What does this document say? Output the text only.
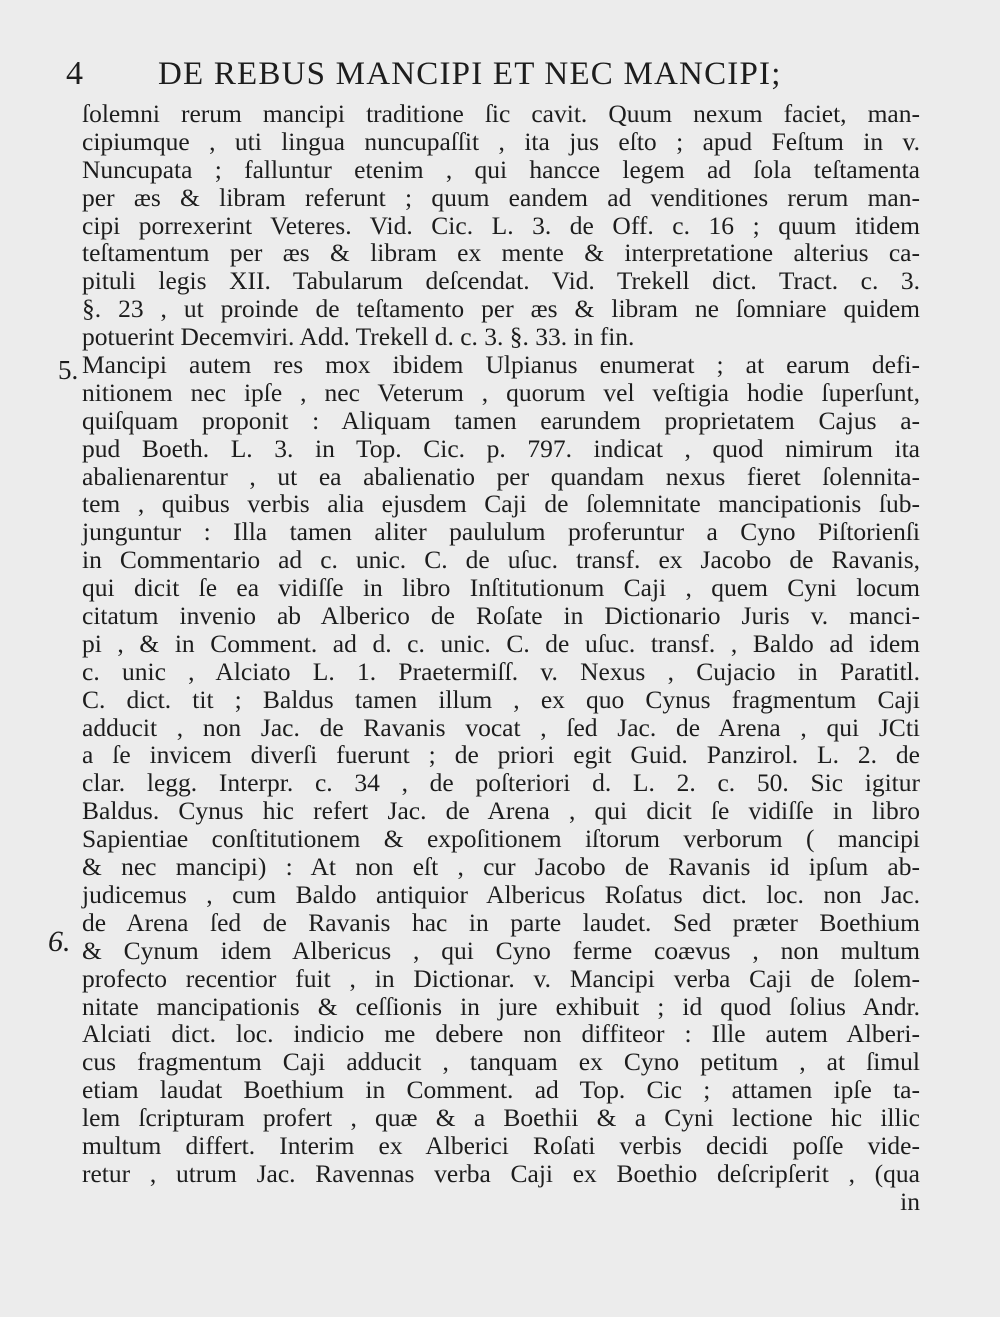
4 DE REBUS MANCIPI ET NEC MANCIPI;
5.
6.
ſolemni rerum mancipi traditione ſic cavit. Quum nexum faciet, man-
cipiumque , uti lingua nuncupaſſit , ita jus eſto ; apud Feſtum in v.
Nuncupata ; falluntur etenim , qui hancce legem ad ſola teſtamenta
per æs & libram referunt ; quum eandem ad venditiones rerum man-
cipi porrexerint Veteres. Vid. Cic. L. 3. de Off. c. 16 ; quum itidem
teſtamentum per æs & libram ex mente & interpretatione alterius ca-
pituli legis XII. Tabularum deſcendat. Vid. Trekell dict. Tract. c. 3.
§. 23 , ut proinde de teſtamento per æs & libram ne ſomniare quidem
potuerint Decemviri. Add. Trekell d. c. 3. §. 33. in fin.
Mancipi autem res mox ibidem Ulpianus enumerat ; at earum defi-
nitionem nec ipſe , nec Veterum , quorum vel veſtigia hodie ſuperſunt,
quiſquam proponit : Aliquam tamen earundem proprietatem Cajus a-
pud Boeth. L. 3. in Top. Cic. p. 797. indicat , quod nimirum ita
abalienarentur , ut ea abalienatio per quandam nexus fieret ſolennita-
tem , quibus verbis alia ejusdem Caji de ſolemnitate mancipationis ſub-
junguntur : Illa tamen aliter paululum proferuntur a Cyno Piſtorienſi
in Commentario ad c. unic. C. de uſuc. transf. ex Jacobo de Ravanis,
qui dicit ſe ea vidiſſe in libro Inſtitutionum Caji , quem Cyni locum
citatum invenio ab Alberico de Roſate in Dictionario Juris v. manci-
pi , & in Comment. ad d. c. unic. C. de uſuc. transf. , Baldo ad idem
c. unic , Alciato L. 1. Praetermiſſ. v. Nexus , Cujacio in Paratitl.
C. dict. tit ; Baldus tamen illum , ex quo Cynus fragmentum Caji
adducit , non Jac. de Ravanis vocat , ſed Jac. de Arena , qui JCti
a ſe invicem diverſi fuerunt ; de priori egit Guid. Panzirol. L. 2. de
clar. legg. Interpr. c. 34 , de poſteriori d. L. 2. c. 50. Sic igitur
Baldus. Cynus hic refert Jac. de Arena , qui dicit ſe vidiſſe in libro
Sapientiae conſtitutionem & expoſitionem iſtorum verborum ( mancipi
& nec mancipi) : At non eſt , cur Jacobo de Ravanis id ipſum ab-
judicemus , cum Baldo antiquior Albericus Roſatus dict. loc. non Jac.
de Arena ſed de Ravanis hac in parte laudet. Sed præter Boethium
& Cynum idem Albericus , qui Cyno ferme coævus , non multum
profecto recentior fuit , in Dictionar. v. Mancipi verba Caji de ſolem-
nitate mancipationis & ceſſionis in jure exhibuit ; id quod ſolius Andr.
Alciati dict. loc. indicio me debere non diffiteor : Ille autem Alberi-
cus fragmentum Caji adducit , tanquam ex Cyno petitum , at ſimul
etiam laudat Boethium in Comment. ad Top. Cic ; attamen ipſe ta-
lem ſcripturam profert , quæ & a Boethii & a Cyni lectione hic illic
multum differt. Interim ex Alberici Roſati verbis decidi poſſe vide-
retur , utrum Jac. Ravennas verba Caji ex Boethio deſcripſerit , (qua
in
